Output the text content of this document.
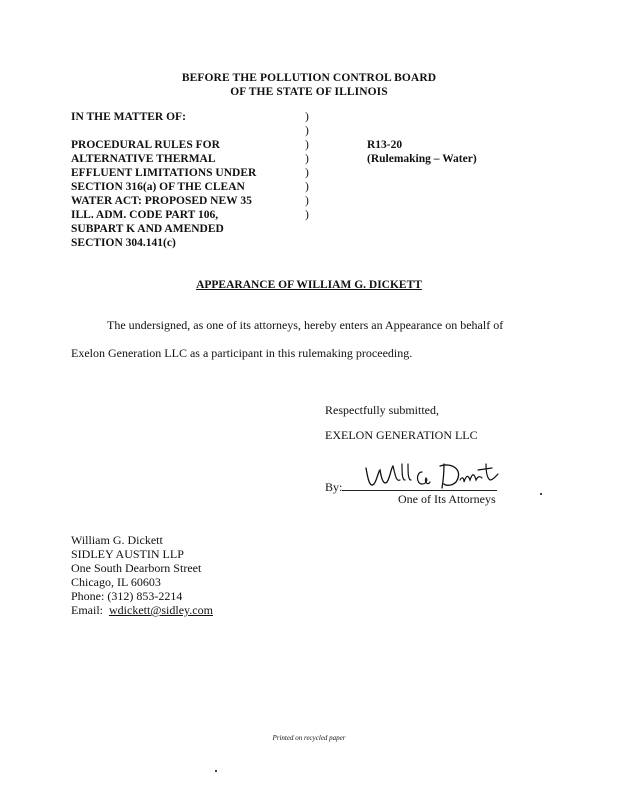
BEFORE THE POLLUTION CONTROL BOARD
OF THE STATE OF ILLINOIS
IN THE MATTER OF:
PROCEDURAL RULES FOR
ALTERNATIVE THERMAL
EFFLUENT LIMITATIONS UNDER
SECTION 316(a) OF THE CLEAN
WATER ACT: PROPOSED NEW 35
ILL. ADM. CODE PART 106,
SUBPART K AND AMENDED
SECTION 304.141(c)
)
)
)
)
)
)
)
)
R13-20
(Rulemaking – Water)
APPEARANCE OF WILLIAM G. DICKETT
The undersigned, as one of its attorneys, hereby enters an Appearance on behalf of
Exelon Generation LLC as a participant in this rulemaking proceeding.
Respectfully submitted,
EXELON GENERATION LLC
By:
One of Its Attorneys
William G. Dickett
SIDLEY AUSTIN LLP
One South Dearborn Street
Chicago, IL 60603
Phone: (312) 853-2214
Email: wdickett@sidley.com
Printed on recycled paper
